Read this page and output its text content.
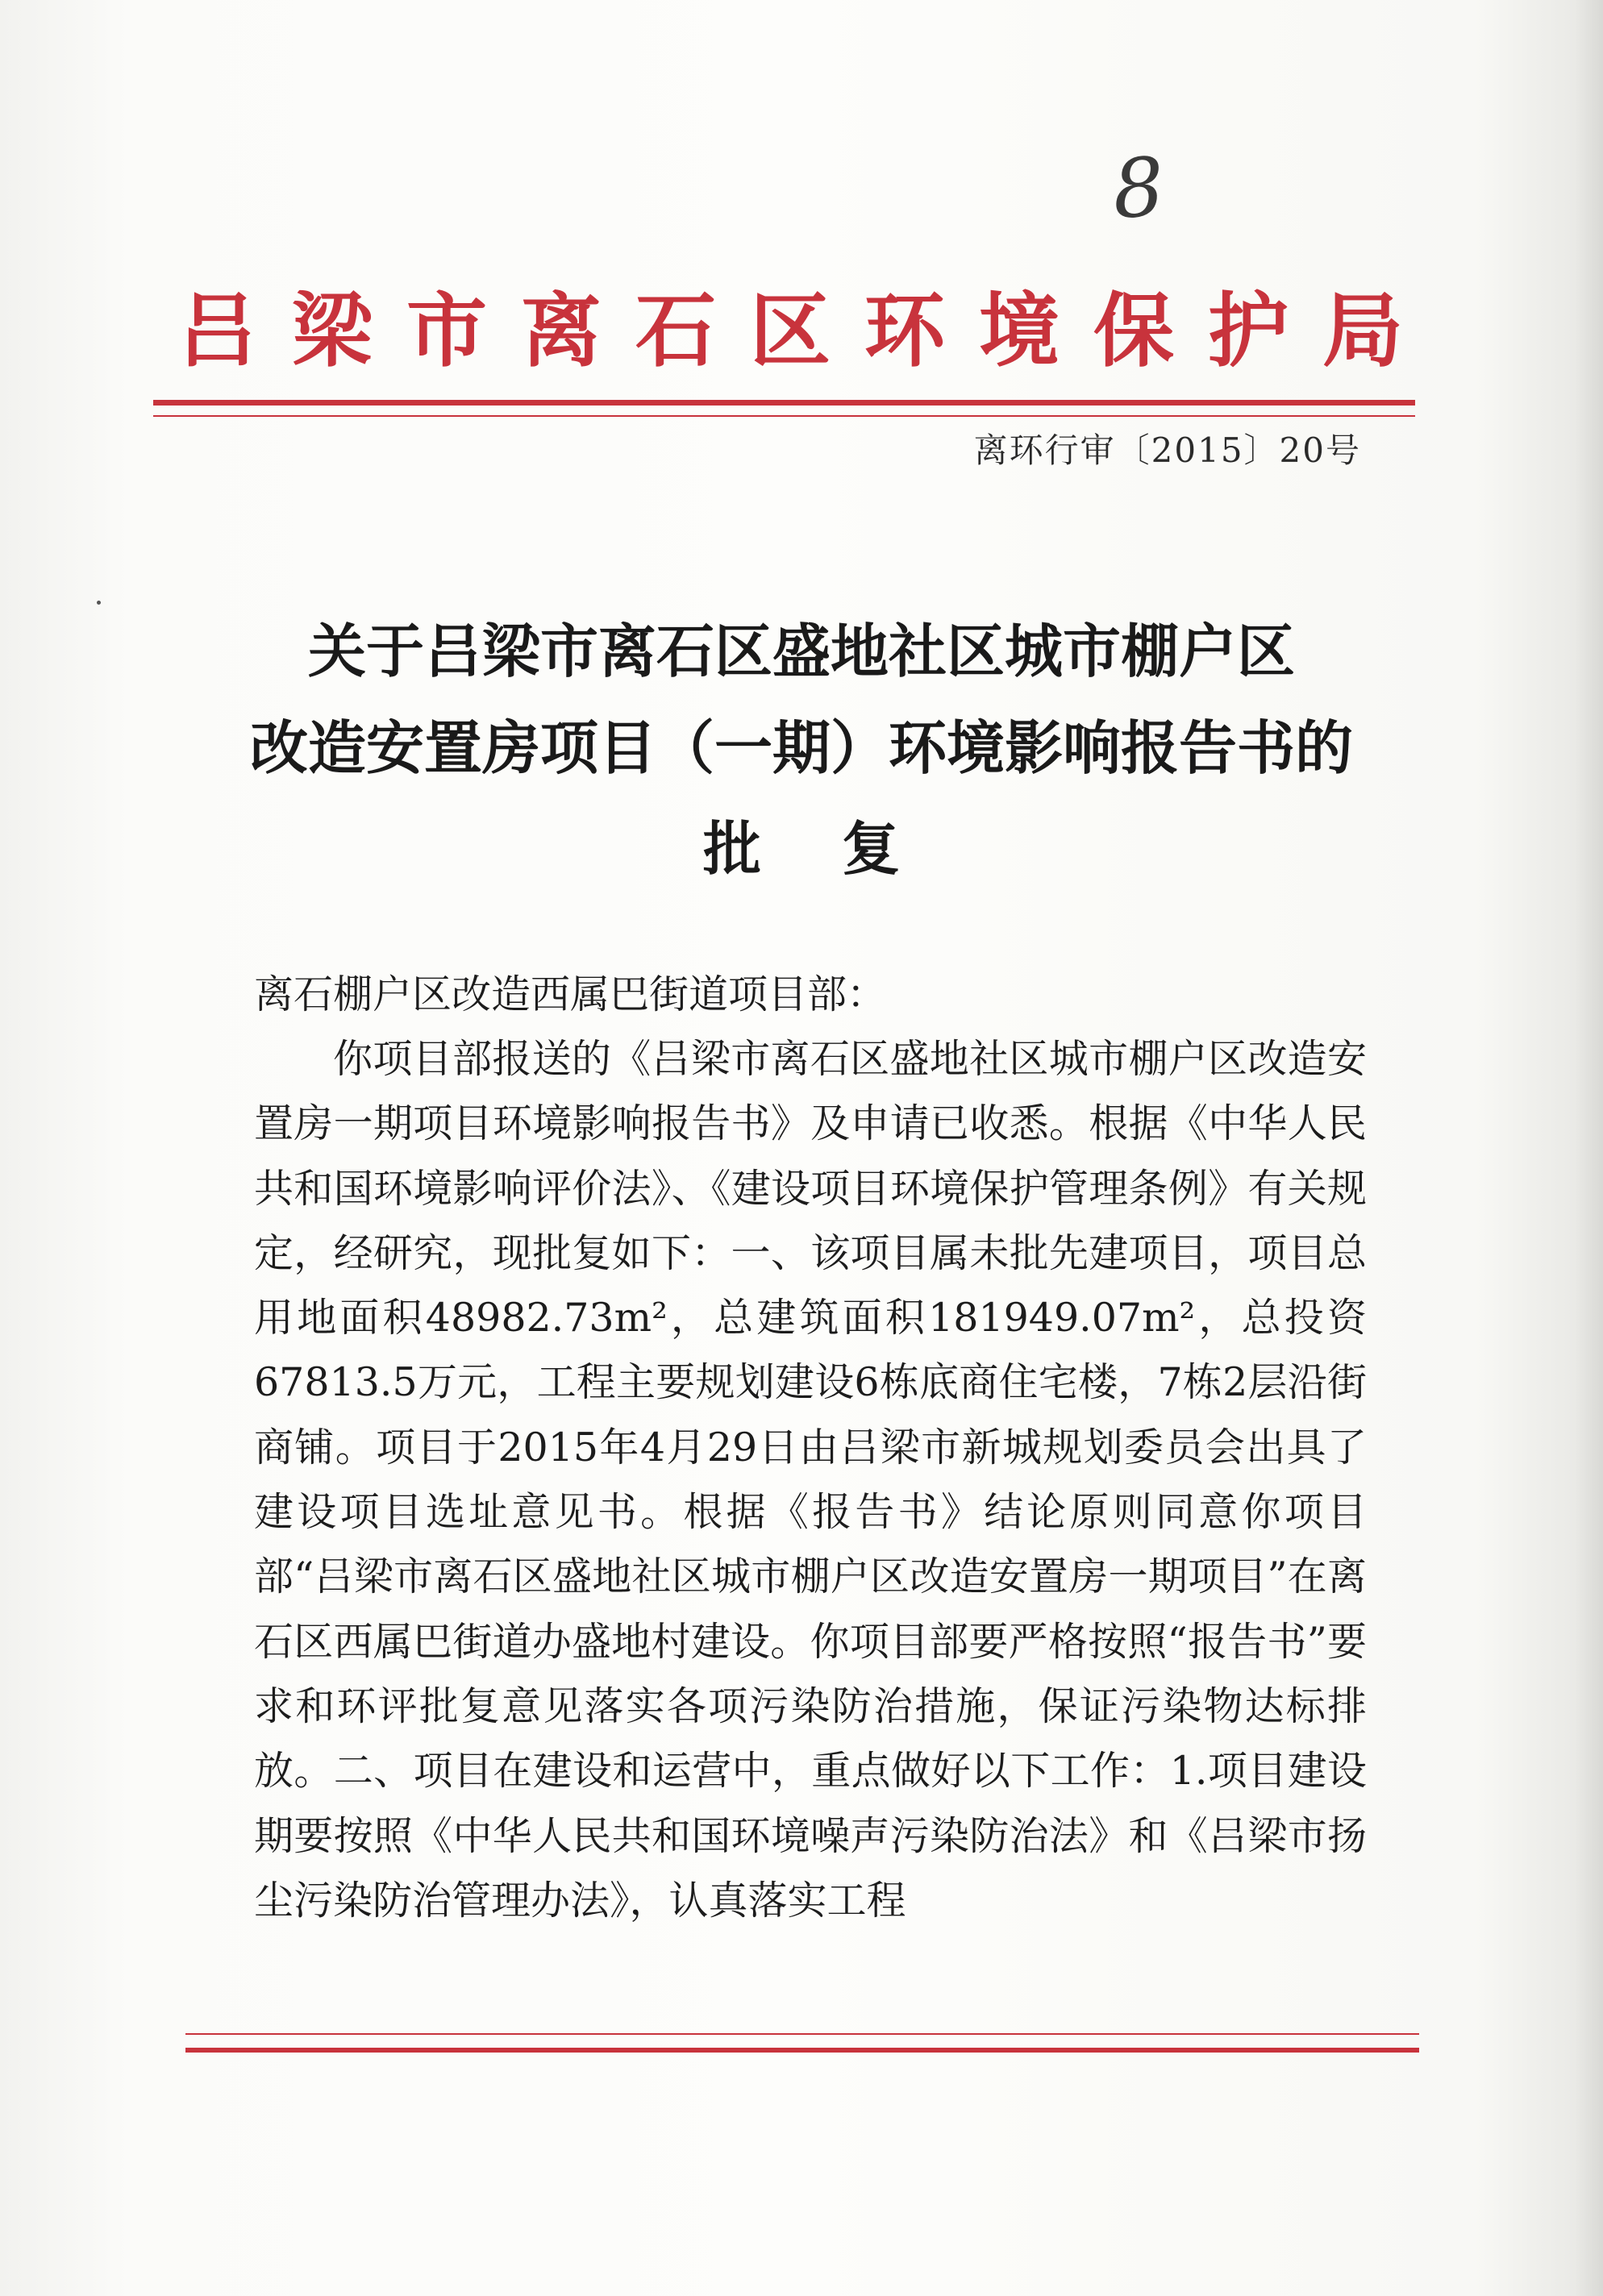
8
吕 梁 市 离 石 区 环 境 保 护 局
离环行审〔2015〕20号
关于吕梁市离石区盛地社区城市棚户区
改造安置房项目（一期）环境影响报告书的
批复
离石棚户区改造西属巴街道项目部：
你项目部报送的《吕梁市离石区盛地社区城市棚户区改造安置房一期项目环境影响报告书》及申请已收悉。根据《中华人民共和国环境影响评价法》、《建设项目环境保护管理条例》有关规定，经研究，现批复如下：一、该项目属未批先建项目，项目总用地面积48982.73m²，总建筑面积181949.07m²，总投资67813.5万元，工程主要规划建设6栋底商住宅楼，7栋2层沿街商铺。项目于2015年4月29日由吕梁市新城规划委员会出具了建设项目选址意见书。根据《报告书》结论原则同意你项目部“吕梁市离石区盛地社区城市棚户区改造安置房一期项目”在离石区西属巴街道办盛地村建设。你项目部要严格按照“报告书”要求和环评批复意见落实各项污染防治措施，保证污染物达标排放。二、项目在建设和运营中，重点做好以下工作：1.项目建设期要按照《中华人民共和国环境噪声污染防治法》和《吕梁市扬尘污染防治管理办法》，认真落实工程
